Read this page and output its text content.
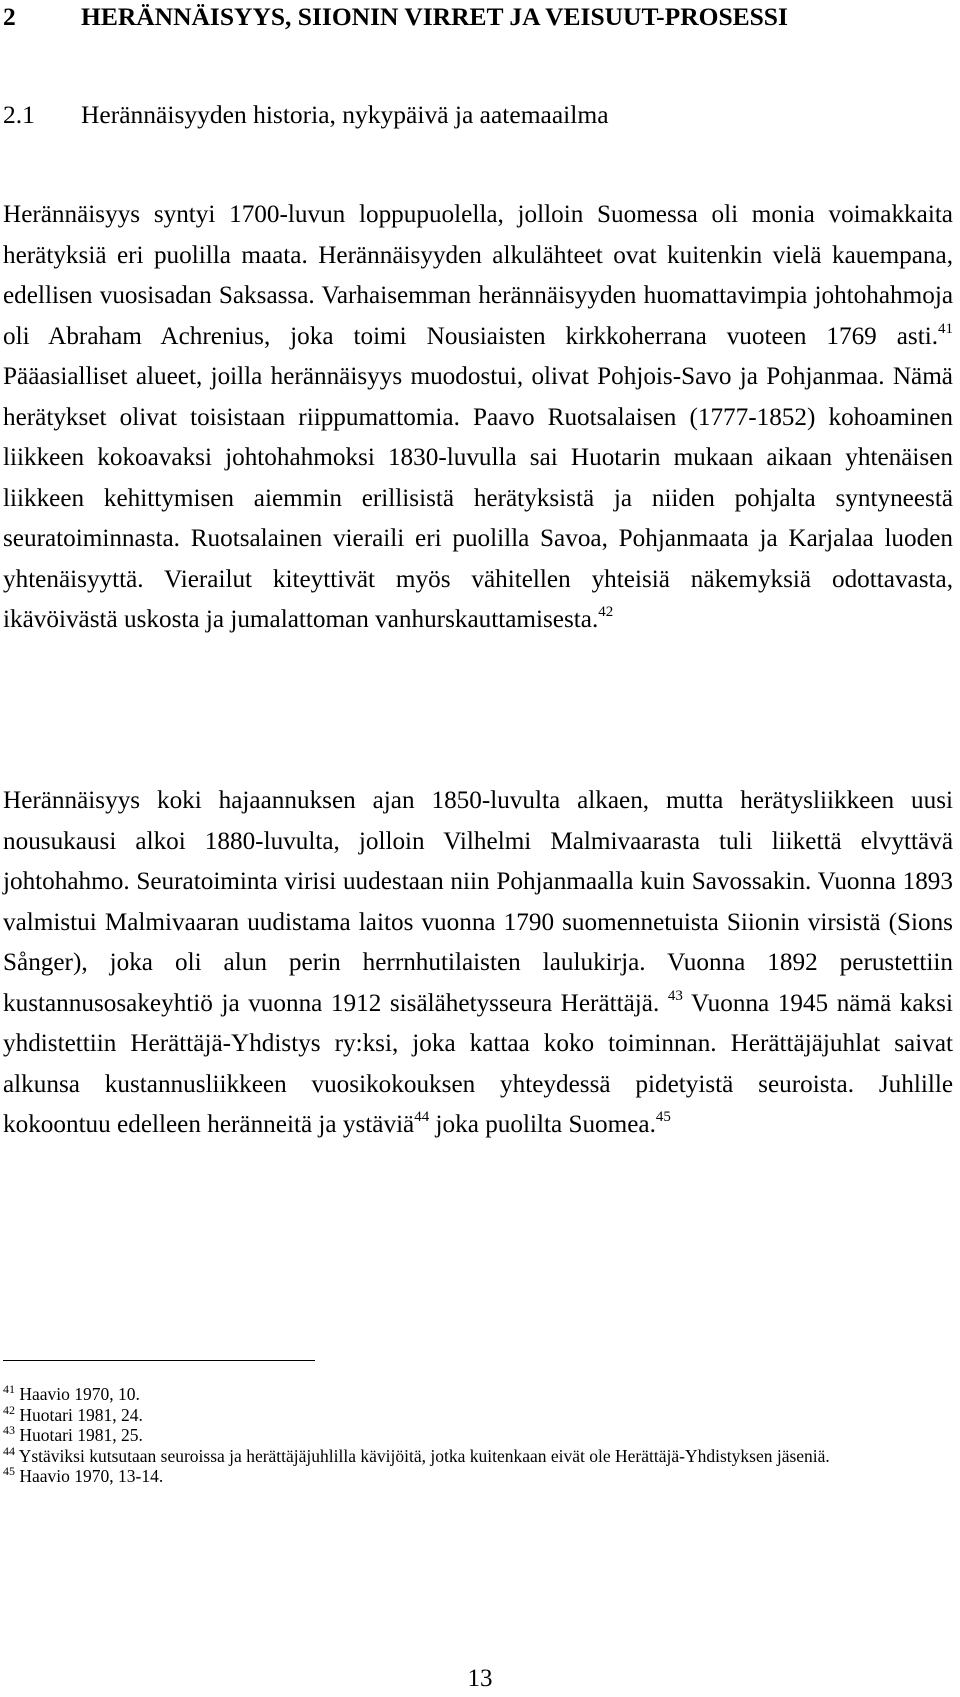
2	HERÄNNÄISYYS, SIIONIN VIRRET JA VEISUUT-PROSESSI
2.1 Herännäisyyden historia, nykypäivä ja aatemaailma

Herännäisyys syntyi 1700-luvun loppupuolella, jolloin Suomessa oli monia voimakkaita herätyksiä eri puolilla maata. Herännäisyyden alkulähteet ovat kuitenkin vielä kauempana, edellisen vuosisadan Saksassa. Varhaisemman herännäisyyden huomattavimpia johtohahmoja oli Abraham Achrenius, joka toimi Nousiaisten kirkkoherrana vuoteen 1769 asti.$^{41}$ Pääasialliset alueet, joilla herännäisyys muodostui, olivat Pohjois-Savo ja Pohjanmaa. Nämä herätykset olivat toisistaan riippumattomia. Paavo Ruotsalaisen (1777-1852) kohoaminen liikkeen kokoavaksi johtohahmoksi 1830-luvulla sai Huotarin mukaan aikaan yhtenäisen liikkeen kehittymisen aiemmin erillisistä herätyksistä ja niiden pohjalta syntyneestä seuratoiminnasta. Ruotsalainen vieraili eri puolilla Savoa, Pohjanmaata ja Karjalaa luoden yhtenäisyyttä. Vierailut kiteyttivät myös vähitellen yhteisiä näkemyksiä odottavasta, ikävöivästä uskosta ja jumalattoman vanhurskauttamisesta.$^{42}$

Herännäisyys koki hajaannuksen ajan 1850-luvulta alkaen, mutta herätysliikkeen uusi nousukausi alkoi 1880-luvulta, jolloin Vilhelmi Malmivaarasta tuli liikettä elvyttävä johtohahmo. Seuratoiminta virisi uudestaan niin Pohjanmaalla kuin Savossakin. Vuonna 1893 valmistui Malmivaaran uudistama laitos vuonna 1790 suomennetuista Siionin virsistä (Sions Sånger), joka oli alun perin herrnhutilaisten laulukirja. Vuonna 1892 perustettiin kustannusosakeyhtiö ja vuonna 1912 sisälähetysseura Herättäjä. $^{43}$ Vuonna 1945 nämä kaksi yhdistettiin Herättäjä-Yhdistys ry:ksi, joka kattaa koko toiminnan. Herättäjäjuhlat saivat alkunsa kustannusliikkeen vuosikokouksen yhteydessä pidetyistä seuroista. Juhlille kokoontuu edelleen heränneitä ja ystäviä$^{44}$ joka puolilta Suomea.$^{45}$

$^{41}$ Haavio 1970, 10.
$^{42}$ Huotari 1981, 24.
$^{43}$ Huotari 1981, 25.
$^{44}$ Ystäviksi kutsutaan seuroissa ja herättäjäjuhlilla kävijöitä, jotka kuitenkaan eivät ole Herättäjä-Yhdistyksen jäseniä.
$^{45}$ Haavio 1970, 13-14.
13
